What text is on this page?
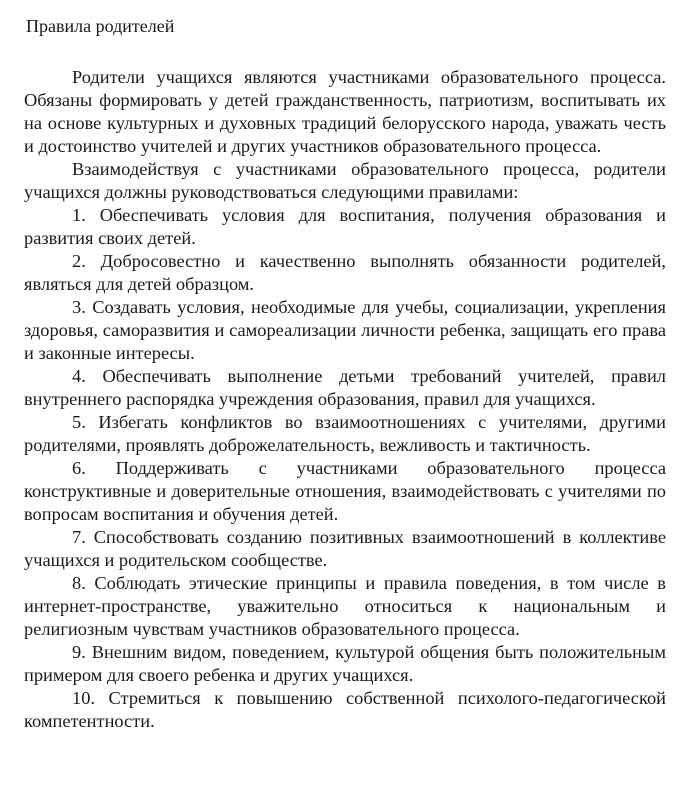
Правила родителей

Родители учащихся являются участниками образовательного процесса. Обязаны формировать у детей гражданственность, патриотизм, воспитывать их на основе культурных и духовных традиций белорусского народа, уважать честь и достоинство учителей и других участников образовательного процесса.

Взаимодействуя с участниками образовательного процесса, родители учащихся должны руководствоваться следующими правилами:

1. Обеспечивать условия для воспитания, получения образования и развития своих детей.
2. Добросовестно и качественно выполнять обязанности родителей, являться для детей образцом.
3. Создавать условия, необходимые для учебы, социализации, укрепления здоровья, саморазвития и самореализации личности ребенка, защищать его права и законные интересы.
4. Обеспечивать выполнение детьми требований учителей, правил внутреннего распорядка учреждения образования, правил для учащихся.
5. Избегать конфликтов во взаимоотношениях с учителями, другими родителями, проявлять доброжелательность, вежливость и тактичность.
6. Поддерживать с участниками образовательного процесса конструктивные и доверительные отношения, взаимодействовать с учителями по вопросам воспитания и обучения детей.
7. Способствовать созданию позитивных взаимоотношений в коллективе учащихся и родительском сообществе.
8. Соблюдать этические принципы и правила поведения, в том числе в интернет-пространстве, уважительно относиться к национальным и религиозным чувствам участников образовательного процесса.
9. Внешним видом, поведением, культурой общения быть положительным примером для своего ребенка и других учащихся.
10. Стремиться к повышению собственной психолого-педагогической компетентности.
